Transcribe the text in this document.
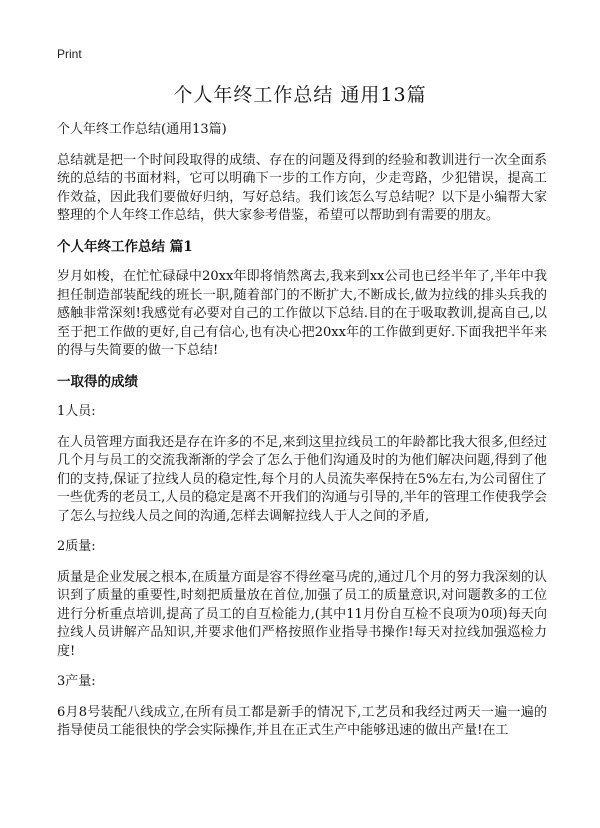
Print
个人年终工作总结 通用13篇

个人年终工作总结(通用13篇)

总结就是把一个时间段取得的成绩、存在的问题及得到的经验和教训进行一次全面系统的总结的书面材料，它可以明确下一步的工作方向，少走弯路，少犯错误，提高工作效益，因此我们要做好归纳，写好总结。我们该怎么写总结呢？以下是小编帮大家整理的个人年终工作总结，供大家参考借鉴，希望可以帮助到有需要的朋友。

个人年终工作总结 篇1

岁月如梭，在忙忙碌碌中20xx年即将悄然离去,我来到xx公司也已经半年了,半年中我担任制造部装配线的班长一职,随着部门的不断扩大,不断成长,做为拉线的排头兵我的感触非常深刻!我感觉有必要对自己的工作做以下总结.目的在于吸取教训,提高自己,以至于把工作做的更好,自己有信心,也有决心把20xx年的工作做到更好.下面我把半年来的得与失简要的做一下总结!

一取得的成绩

1人员:

在人员管理方面我还是存在许多的不足,来到这里拉线员工的年龄都比我大很多,但经过几个月与员工的交流我渐渐的学会了怎么于他们沟通及时的为他们解决问题,得到了他们的支持,保证了拉线人员的稳定性,每个月的人员流失率保持在5%左右,为公司留住了一些优秀的老员工,人员的稳定是离不开我们的沟通与引导的,半年的管理工作使我学会了怎么与拉线人员之间的沟通,怎样去调解拉线人于人之间的矛盾,

2质量:

质量是企业发展之根本,在质量方面是容不得丝毫马虎的,通过几个月的努力我深刻的认识到了质量的重要性,时刻把质量放在首位,加强了员工的质量意识,对问题教多的工位进行分析重点培训,提高了员工的自互检能力,(其中11月份自互检不良项为0项)每天向拉线人员讲解产品知识,并要求他们严格按照作业指导书操作!每天对拉线加强巡检力度!

3产量:

6月8号装配八线成立,在所有员工都是新手的情况下,工艺员和我经过两天一遍一遍的指导使员工能很快的学会实际操作,并且在正式生产中能够迅速的做出产量!在工
